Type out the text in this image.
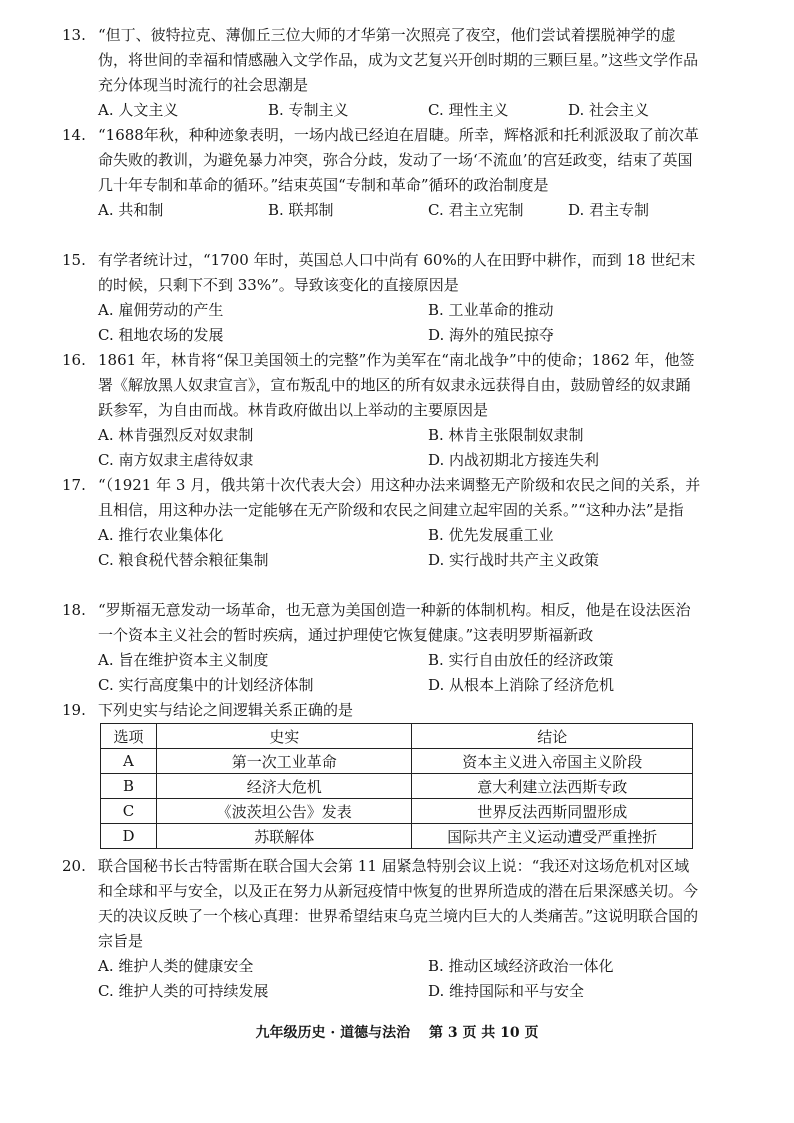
13. “但丁、彼特拉克、薄伽丘三位大师的才华第一次照亮了夜空，他们尝试着摆脱神学的虚伪，将世间的幸福和情感融入文学作品，成为文艺复兴开创时期的三颗巨星。”这些文学作品充分体现当时流行的社会思潮是
A. 人文主义	B. 专制主义	C. 理性主义	D. 社会主义
14. “1688年秋，种种迹象表明，一场内战已经迫在眉睫。所幸，辉格派和托利派汲取了前次革命失败的教训，为避免暴力冲突，弥合分歧，发动了一场‘不流血’的宫廷政变，结束了英国几十年专制和革命的循环。”结束英国“专制和革命”循环的政治制度是
A. 共和制	B. 联邦制	C. 君主立宪制	D. 君主专制
15. 有学者统计过，“1700 年时，英国总人口中尚有 60%的人在田野中耕作，而到 18 世纪末的时候，只剩下不到 33%”。导致该变化的直接原因是
A. 雇佣劳动的产生	B. 工业革命的推动
C. 租地农场的发展	D. 海外的殖民掠夺
16. 1861 年，林肯将“保卫美国领土的完整”作为美军在“南北战争”中的使命；1862 年，他签署《解放黑人奴隶宣言》，宣布叛乱中的地区的所有奴隶永远获得自由，鼓励曾经的奴隶踊跃参军，为自由而战。林肯政府做出以上举动的主要原因是
A. 林肯强烈反对奴隶制	B. 林肯主张限制奴隶制
C. 南方奴隶主虐待奴隶	D. 内战初期北方接连失利
17. “（1921 年 3 月，俄共第十次代表大会）用这种办法来调整无产阶级和农民之间的关系，并且相信，用这种办法一定能够在无产阶级和农民之间建立起牢固的关系。”“这种办法”是指
A. 推行农业集体化	B. 优先发展重工业
C. 粮食税代替余粮征集制	D. 实行战时共产主义政策
18. “罗斯福无意发动一场革命，也无意为美国创造一种新的体制机构。相反，他是在设法医治一个资本主义社会的暂时疾病，通过护理使它恢复健康。”这表明罗斯福新政
A. 旨在维护资本主义制度	B. 实行自由放任的经济政策
C. 实行高度集中的计划经济体制	D. 从根本上消除了经济危机
19. 下列史实与结论之间逻辑关系正确的是
选项	史实	结论
A	第一次工业革命	资本主义进入帝国主义阶段
B	经济大危机	意大利建立法西斯专政
C	《波茨坦公告》发表	世界反法西斯同盟形成
D	苏联解体	国际共产主义运动遭受严重挫折
20. 联合国秘书长古特雷斯在联合国大会第 11 届紧急特别会议上说：“我还对这场危机对区域和全球和平与安全，以及正在努力从新冠疫情中恢复的世界所造成的潜在后果深感关切。今天的决议反映了一个核心真理：世界希望结束乌克兰境内巨大的人类痛苦。”这说明联合国的宗旨是
A. 维护人类的健康安全	B. 推动区域经济政治一体化
C. 维护人类的可持续发展	D. 维持国际和平与安全
九年级历史 · 道德与法治　 第 3 页 共 10 页
